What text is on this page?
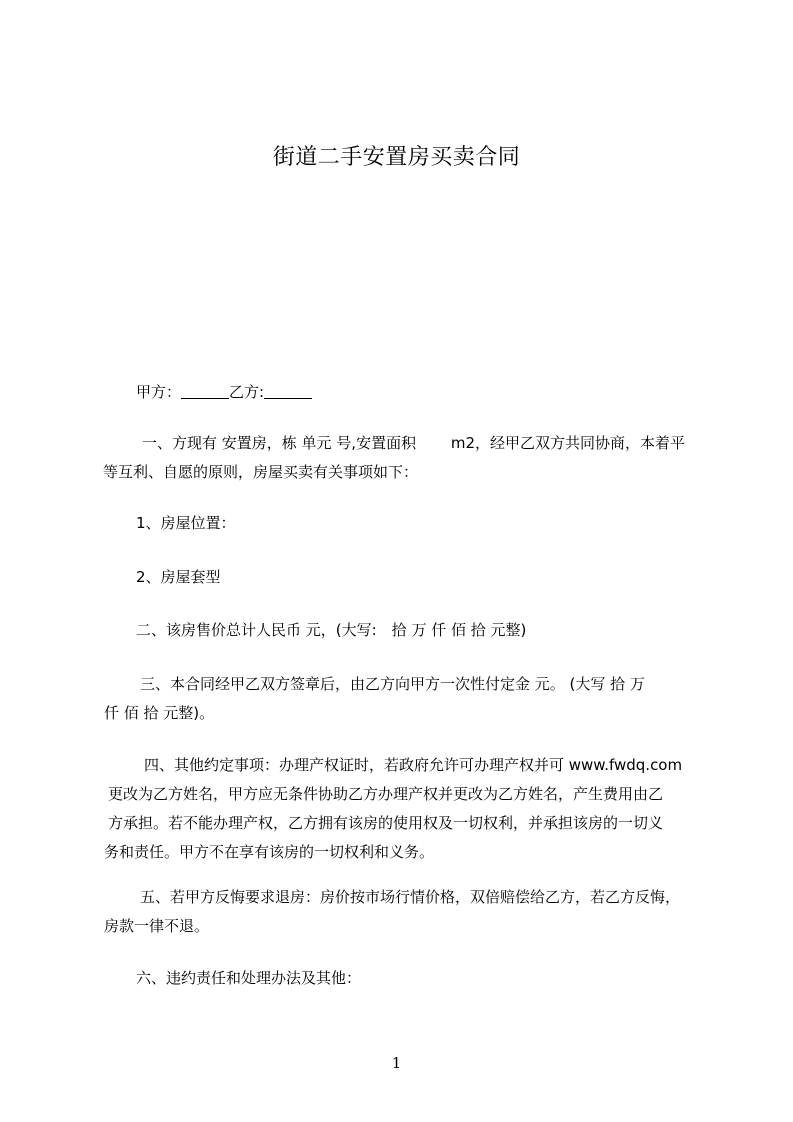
街道二手安置房买卖合同
甲方：	乙方:

一、方现有 安置房，栋 单元 号,安置面积　　 m2，经甲乙双方共同协商，本着平

等互利、自愿的原则，房屋买卖有关事项如下：

1、房屋位置：
2、房屋套型
二、该房售价总计人民币 元，(大写:　拾 万 仟 佰 拾 元整)

三、本合同经甲乙双方签章后，由乙方向甲方一次性付定金 元。 (大写 拾 万

仟 佰 拾 元整)。

四、其他约定事项：办理产权证时，若政府允许可办理产权并可 www.fwdq.com

更改为乙方姓名，甲方应无条件协助乙方办理产权并更改为乙方姓名，产生费用由乙

方承担。若不能办理产权，乙方拥有该房的使用权及一切权利，并承担该房的一切义

务和责任。甲方不在享有该房的一切权利和义务。

五、若甲方反悔要求退房：房价按市场行情价格，双倍赔偿给乙方，若乙方反悔，

房款一律不退。

六、违约责任和处理办法及其他：
1
